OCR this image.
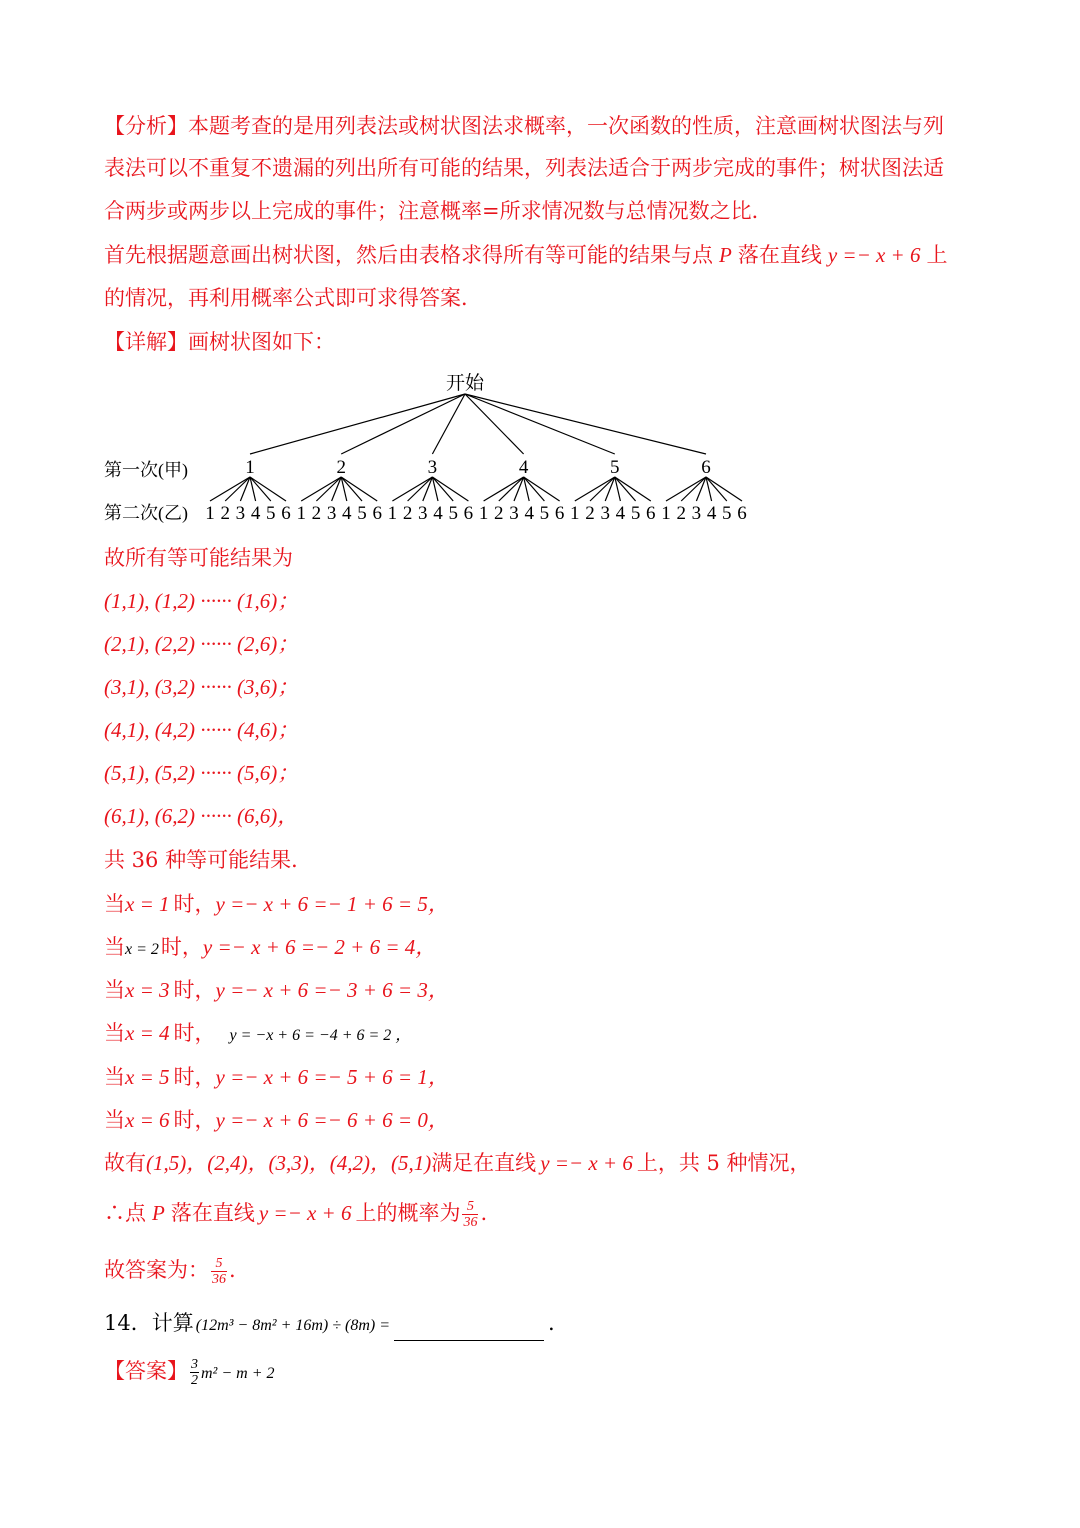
【分析】本题考查的是用列表法或树状图法求概率，一次函数的性质，注意画树状图法与列
表法可以不重复不遗漏的列出所有可能的结果，列表法适合于两步完成的事件；树状图法适
合两步或两步以上完成的事件；注意概率=所求情况数与总情况数之比．
首先根据题意画出树状图，然后由表格求得所有等可能的结果与点 P 落在直线 y =− x + 6 上
的情况，再利用概率公式即可求得答案．
【详解】画树状图如下：
开始
第一次(甲)
第二次(乙)
1
1 2 3 4 5 6
2
1 2 3 4 5 6
3
1 2 3 4 5 6
4
1 2 3 4 5 6
5
1 2 3 4 5 6
6
1 2 3 4 5 6
故所有等可能结果为
(1,1), (1,2) ······ (1,6)；
(2,1), (2,2) ······ (2,6)；
(3,1), (3,2) ······ (3,6)；
(4,1), (4,2) ······ (4,6)；
(5,1), (5,2) ······ (5,6)；
(6,1), (6,2) ······ (6,6)，
共 36 种等可能结果．
当x = 1 时，y =− x + 6 =− 1 + 6 = 5，
当x = 2时，y =− x + 6 =− 2 + 6 = 4，
当x = 3 时，y =− x + 6 =− 3 + 6 = 3，
当x = 4 时， y = −x + 6 = −4 + 6 = 2 ，
当x = 5 时，y =− x + 6 =− 5 + 6 = 1，
当x = 6 时，y =− x + 6 =− 6 + 6 = 0，
故有(1,5)，(2,4)，(3,3)，(4,2)，(5,1)满足在直线 y =− x + 6 上，共 5 种情况，
∴点 P 落在直线 y =− x + 6 上的概率为 $\frac{5}{36}$ .
故答案为： $\frac{5}{36}$ .
14．计算 (12m³ − 8m² + 16m) ÷ (8m) =	.
【答案】 $\frac{3}{2} m^2 - m + 2$
